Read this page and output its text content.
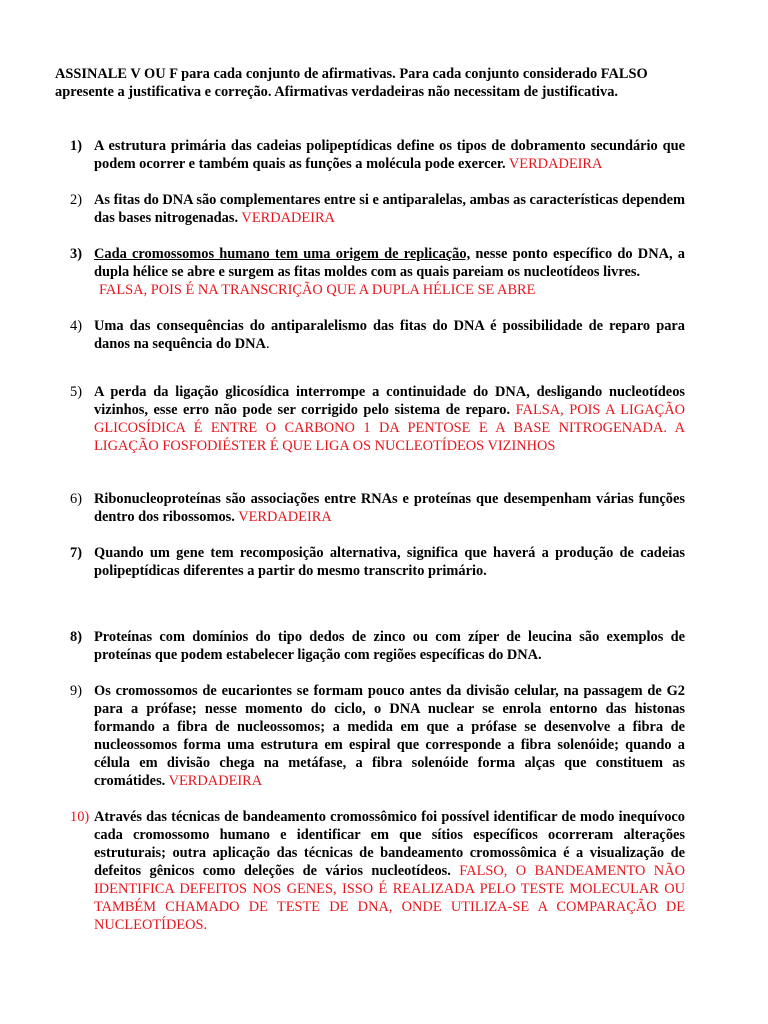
ASSINALE V OU F para cada conjunto de afirmativas. Para cada conjunto considerado FALSO
apresente a justificativa e correção. Afirmativas verdadeiras não necessitam de justificativa.
1) A estrutura primária das cadeias polipeptídicas define os tipos de dobramento secundário que podem ocorrer e também quais as funções a molécula pode exercer. VERDADEIRA
2) As fitas do DNA são complementares entre si e antiparalelas, ambas as características dependem das bases nitrogenadas. VERDADEIRA
3) Cada cromossomos humano tem uma origem de replicação, nesse ponto específico do DNA, a dupla hélice se abre e surgem as fitas moldes com as quais pareiam os nucleotídeos livres.
FALSA, POIS É NA TRANSCRIÇÃO QUE A DUPLA HÉLICE SE ABRE
4) Uma das consequências do antiparalelismo das fitas do DNA é possibilidade de reparo para danos na sequência do DNA.
5) A perda da ligação glicosídica interrompe a continuidade do DNA, desligando nucleotídeos vizinhos, esse erro não pode ser corrigido pelo sistema de reparo. FALSA, POIS A LIGAÇÃO GLICOSÍDICA É ENTRE O CARBONO 1 DA PENTOSE E A BASE NITROGENADA. A LIGAÇÃO FOSFODIÉSTER É QUE LIGA OS NUCLEOTÍDEOS VIZINHOS
6) Ribonucleoproteínas são associações entre RNAs e proteínas que desempenham várias funções dentro dos ribossomos. VERDADEIRA
7) Quando um gene tem recomposição alternativa, significa que haverá a produção de cadeias polipeptídicas diferentes a partir do mesmo transcrito primário.
8) Proteínas com domínios do tipo dedos de zinco ou com zíper de leucina são exemplos de proteínas que podem estabelecer ligação com regiões específicas do DNA.
9) Os cromossomos de eucariontes se formam pouco antes da divisão celular, na passagem de G2 para a prófase; nesse momento do ciclo, o DNA nuclear se enrola entorno das histonas formando a fibra de nucleossomos; a medida em que a prófase se desenvolve a fibra de nucleossomos forma uma estrutura em espiral que corresponde a fibra solenóide; quando a célula em divisão chega na metáfase, a fibra solenóide forma alças que constituem as cromátides. VERDADEIRA
10) Através das técnicas de bandeamento cromossômico foi possível identificar de modo inequívoco cada cromossomo humano e identificar em que sítios específicos ocorreram alterações estruturais; outra aplicação das técnicas de bandeamento cromossômica é a visualização de defeitos gênicos como deleções de vários nucleotídeos. FALSO, O BANDEAMENTO NÃO IDENTIFICA DEFEITOS NOS GENES, ISSO É REALIZADA PELO TESTE MOLECULAR OU TAMBÉM CHAMADO DE TESTE DE DNA, ONDE UTILIZA-SE A COMPARAÇÃO DE NUCLEOTÍDEOS.
